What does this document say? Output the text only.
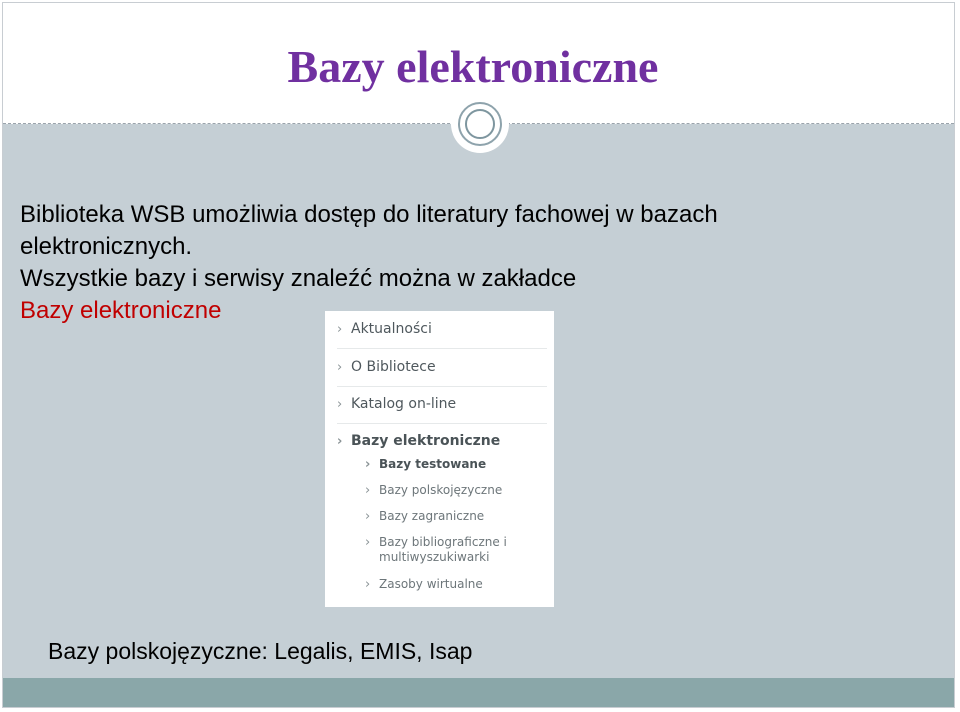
Bazy elektroniczne

Biblioteka WSB umożliwia dostęp do literatury fachowej w bazach
elektronicznych.
Wszystkie bazy i serwisy znaleźć można w zakładce
Bazy elektroniczne

› Aktualności
› O Bibliotece
› Katalog on-line
› Bazy elektroniczne
› Bazy testowane
› Bazy polskojęzyczne
› Bazy zagraniczne
› Bazy bibliograficzne i multiwyszukiwarki
› Zasoby wirtualne

Bazy polskojęzyczne: Legalis, EMIS, Isap
